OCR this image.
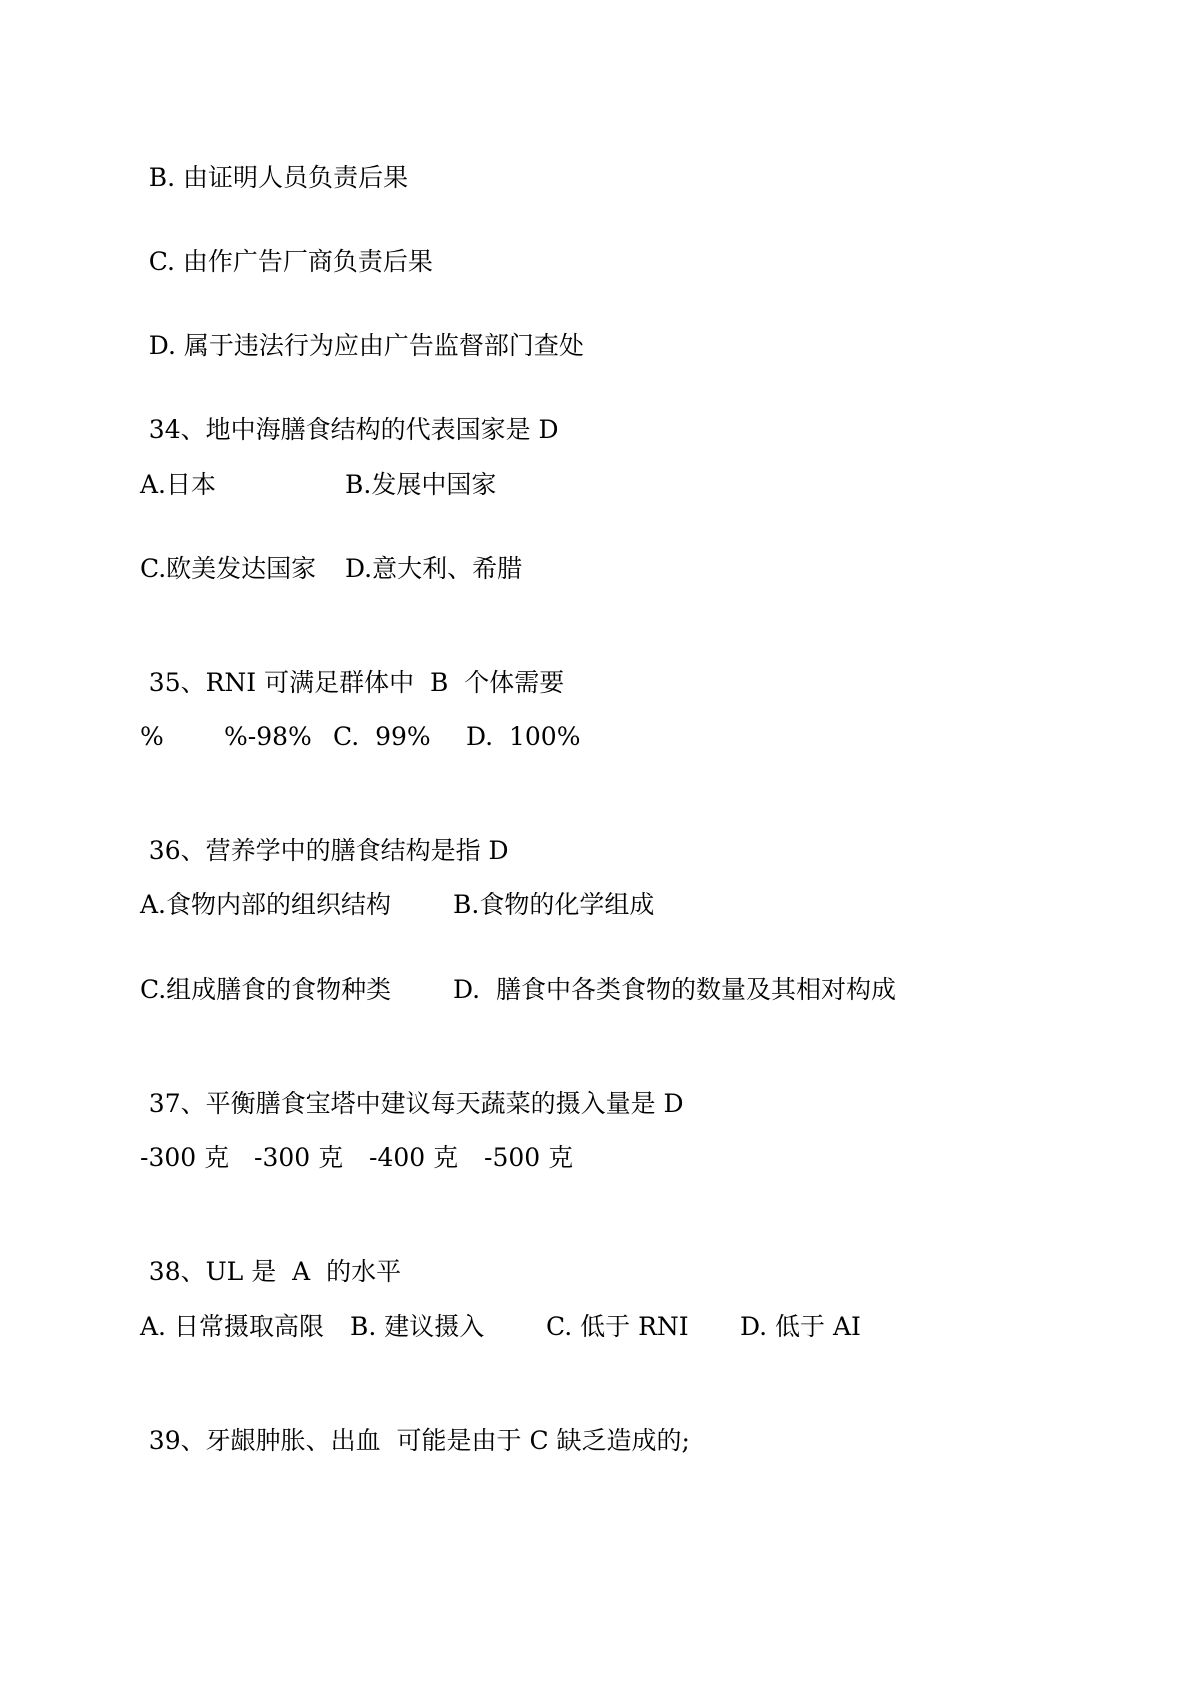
B. 由证明人员负责后果

C. 由作广告厂商负责后果

D. 属于违法行为应由广告监督部门查处

34、地中海膳食结构的代表国家是 D

A.日本

	B.发展中国家

C.欧美发达国家

D.意大利、希腊

35、RNI 可满足群体中  B  个体需要

%

%-98%

C.  99%

D.  100%

36、营养学中的膳食结构是指 D

A.食物内部的组织结构

B.食物的化学组成

C.组成膳食的食物种类

D.  膳食中各类食物的数量及其相对构成

37、平衡膳食宝塔中建议每天蔬菜的摄入量是 D

-300 克

-300 克

-400 克

-500 克

38、UL 是  A  的水平

A. 日常摄取高限

B. 建议摄入

C. 低于 RNI

D. 低于 AI

39、牙龈肿胀、出血  可能是由于 C 缺乏造成的;
